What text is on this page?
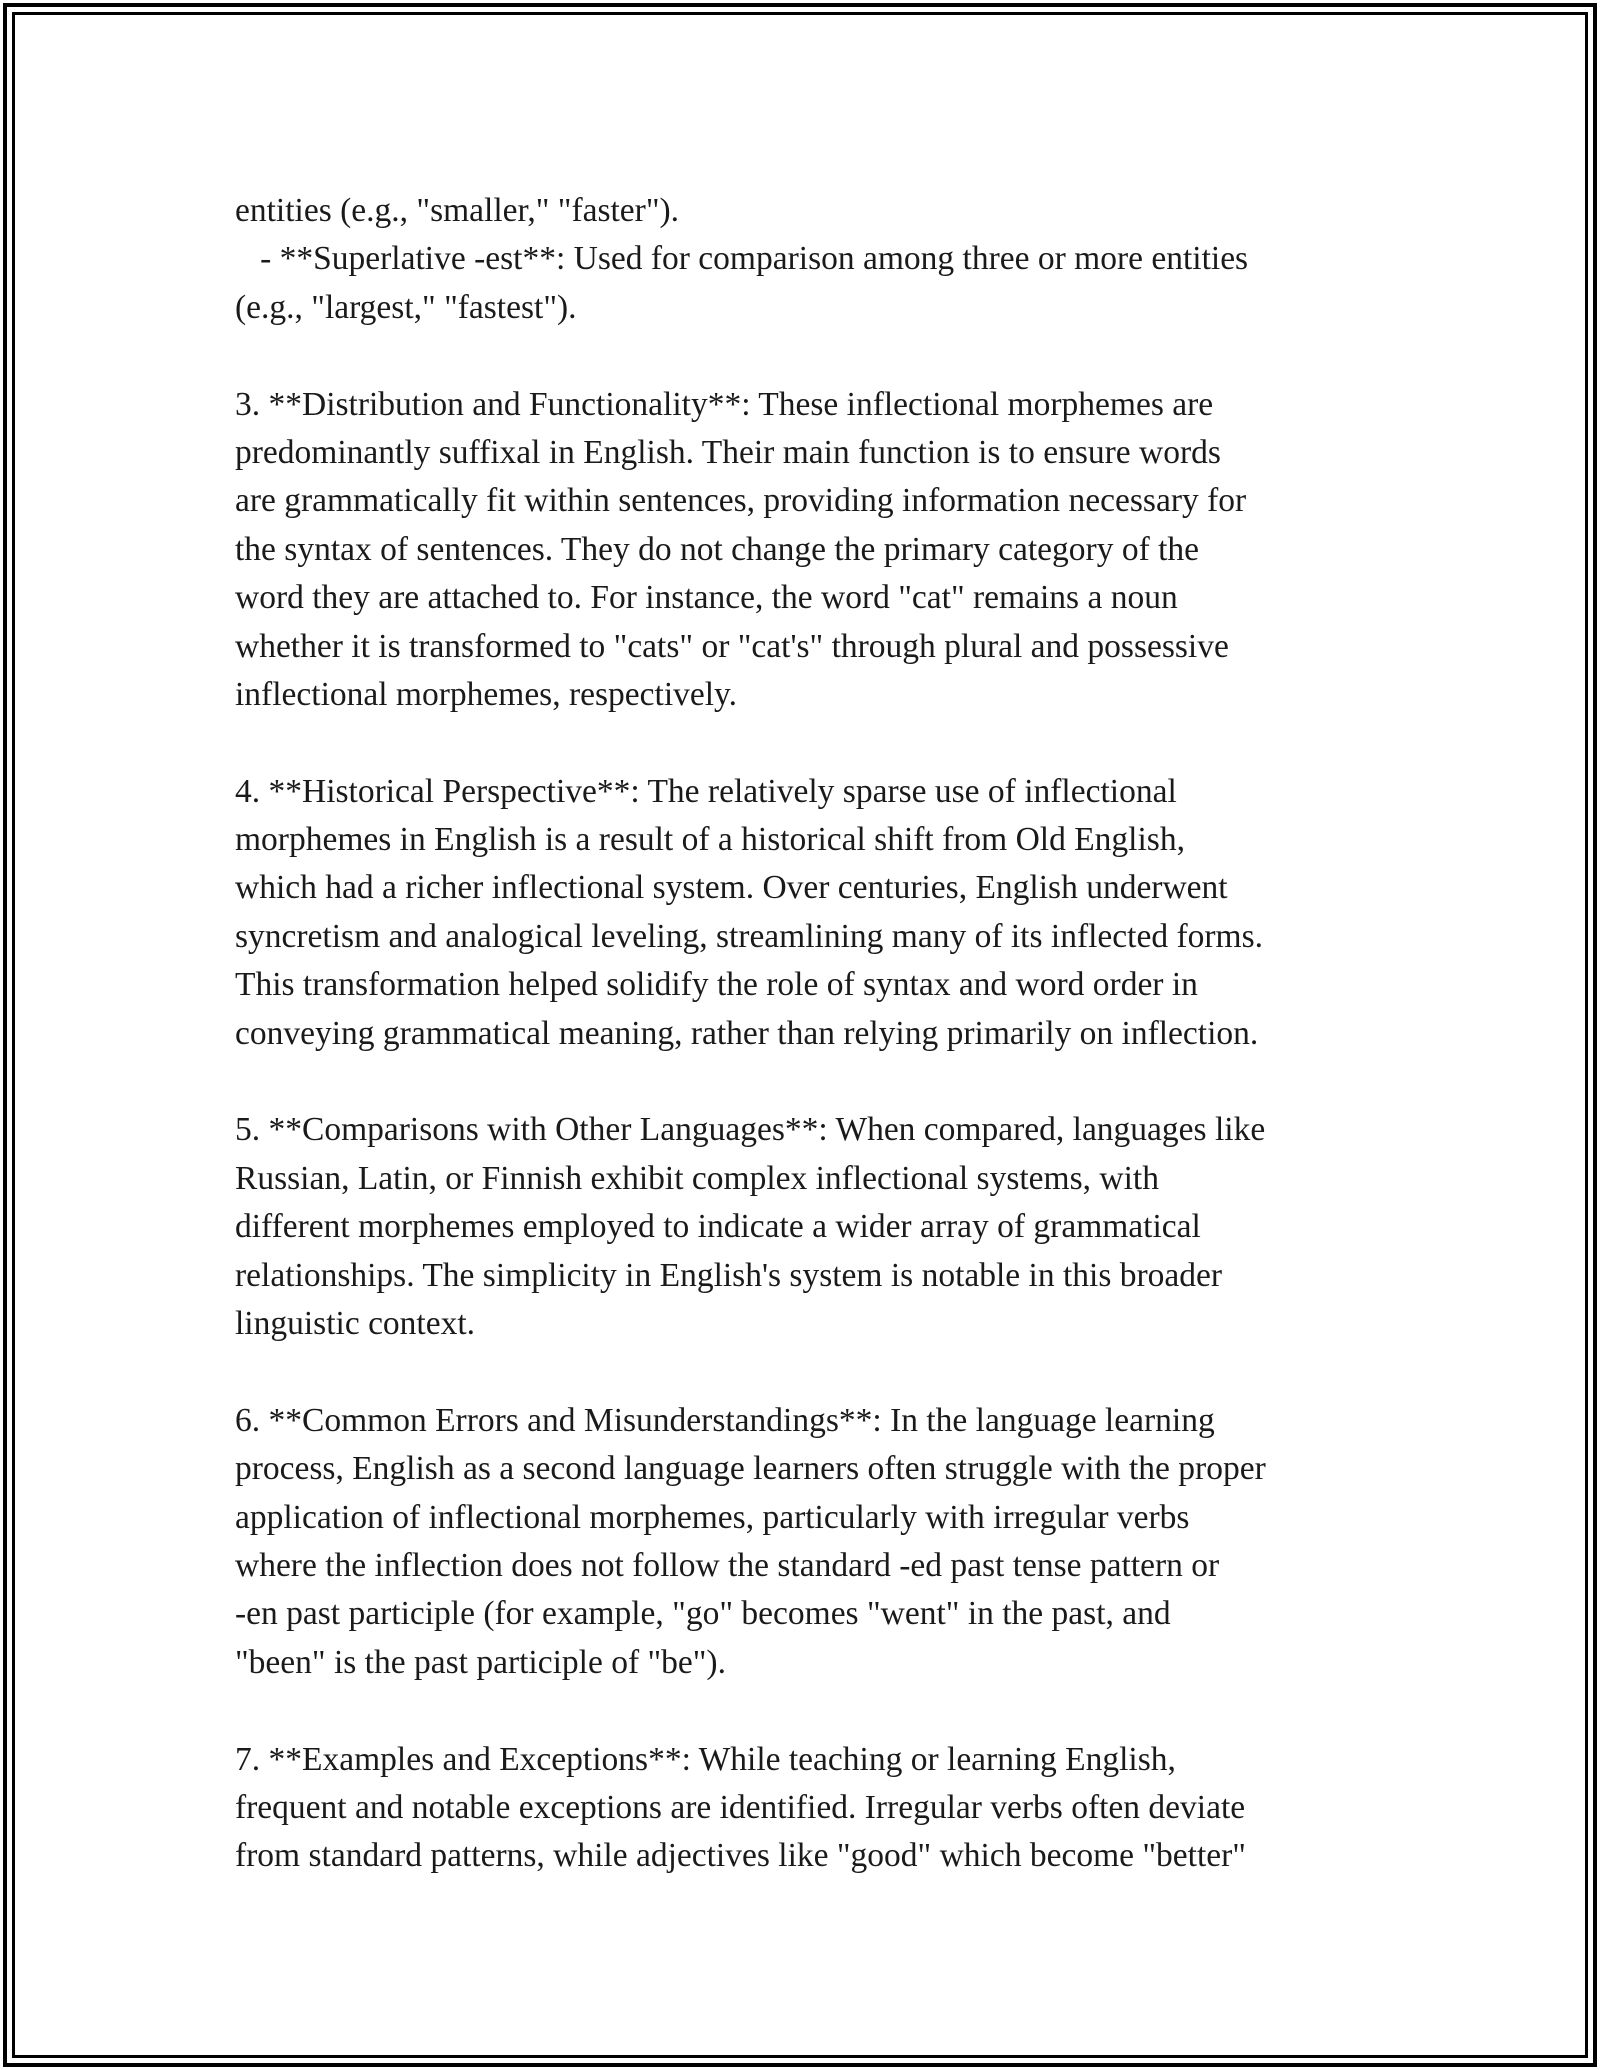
entities (e.g., "smaller," "faster").
- **Superlative -est**: Used for comparison among three or more entities
(e.g., "largest," "fastest").
3. **Distribution and Functionality**: These inflectional morphemes are
predominantly suffixal in English. Their main function is to ensure words
are grammatically fit within sentences, providing information necessary for
the syntax of sentences. They do not change the primary category of the
word they are attached to. For instance, the word "cat" remains a noun
whether it is transformed to "cats" or "cat's" through plural and possessive
inflectional morphemes, respectively.
4. **Historical Perspective**: The relatively sparse use of inflectional
morphemes in English is a result of a historical shift from Old English,
which had a richer inflectional system. Over centuries, English underwent
syncretism and analogical leveling, streamlining many of its inflected forms.
This transformation helped solidify the role of syntax and word order in
conveying grammatical meaning, rather than relying primarily on inflection.
5. **Comparisons with Other Languages**: When compared, languages like
Russian, Latin, or Finnish exhibit complex inflectional systems, with
different morphemes employed to indicate a wider array of grammatical
relationships. The simplicity in English's system is notable in this broader
linguistic context.
6. **Common Errors and Misunderstandings**: In the language learning
process, English as a second language learners often struggle with the proper
application of inflectional morphemes, particularly with irregular verbs
where the inflection does not follow the standard -ed past tense pattern or
-en past participle (for example, "go" becomes "went" in the past, and
"been" is the past participle of "be").
7. **Examples and Exceptions**: While teaching or learning English,
frequent and notable exceptions are identified. Irregular verbs often deviate
from standard patterns, while adjectives like "good" which become "better"
